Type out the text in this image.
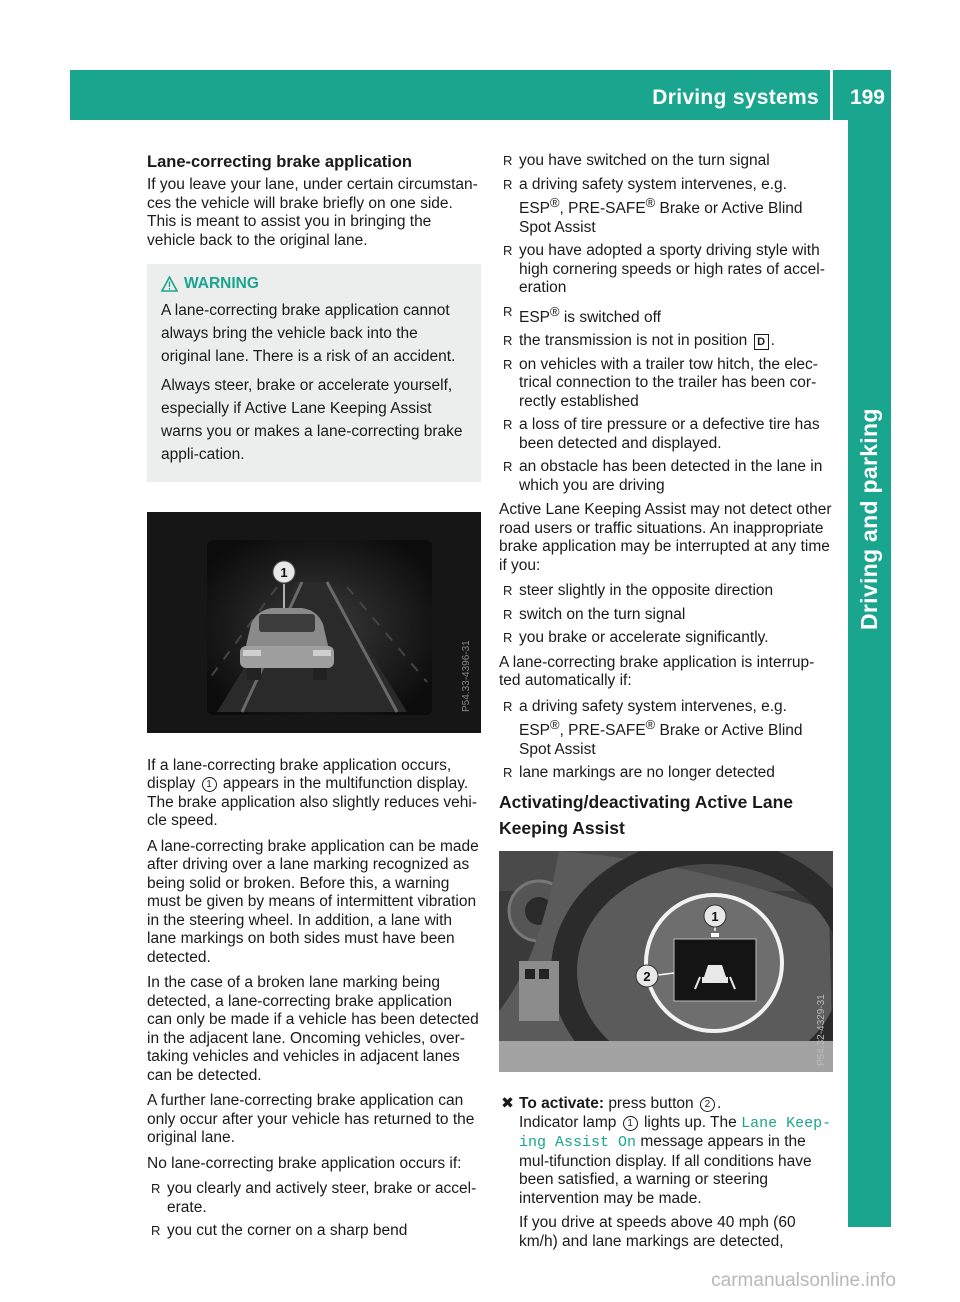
Driving systems 199
Driving and parking
Lane-correcting brake application

If you leave your lane, under certain circumstan-ces the vehicle will brake briefly on one side. This is meant to assist you in bringing the vehicle back to the original lane.

WARNING

A lane-correcting brake application cannot always bring the vehicle back into the original lane. There is a risk of an accident.

Always steer, brake or accelerate yourself, especially if Active Lane Keeping Assist warns you or makes a lane-correcting brake appli-cation.

1
P54.33-4396-31

If a lane-correcting brake application occurs, display 1 appears in the multifunction display. The brake application also slightly reduces vehi-cle speed.

A lane-correcting brake application can be made after driving over a lane marking recognized as being solid or broken. Before this, a warning must be given by means of intermittent vibration in the steering wheel. In addition, a lane with lane markings on both sides must have been detected.

In the case of a broken lane marking being detected, a lane-correcting brake application can only be made if a vehicle has been detected in the adjacent lane. Oncoming vehicles, over-taking vehicles and vehicles in adjacent lanes can be detected.

A further lane-correcting brake application can only occur after your vehicle has returned to the original lane.

No lane-correcting brake application occurs if:

R you clearly and actively steer, brake or accel-erate.
R you cut the corner on a sharp bend
R you have switched on the turn signal
R a driving safety system intervenes, e.g. ESP®, PRE-SAFE® Brake or Active Blind Spot Assist
R you have adopted a sporty driving style with high cornering speeds or high rates of accel-eration
R ESP® is switched off
R the transmission is not in position D .
R on vehicles with a trailer tow hitch, the elec-trical connection to the trailer has been cor-rectly established
R a loss of tire pressure or a defective tire has been detected and displayed.
R an obstacle has been detected in the lane in which you are driving

Active Lane Keeping Assist may not detect other road users or traffic situations. An inappropriate brake application may be interrupted at any time if you:

R steer slightly in the opposite direction
R switch on the turn signal
R you brake or accelerate significantly.

A lane-correcting brake application is interrup-ted automatically if:

R a driving safety system intervenes, e.g. ESP®, PRE-SAFE® Brake or Active Blind Spot Assist
R lane markings are no longer detected
Activating/deactivating Active Lane Keeping Assist
1
2
P54.32-4329-31
✖ To activate: press button 2 .

Indicator lamp 1 lights up. The Lane Keep-ing Assist On message appears in the mul-tifunction display. If all conditions have been satisfied, a warning or steering intervention may be made.

If you drive at speeds above 40 mph (60 km/h) and lane markings are detected,

carmanualsonline.info
